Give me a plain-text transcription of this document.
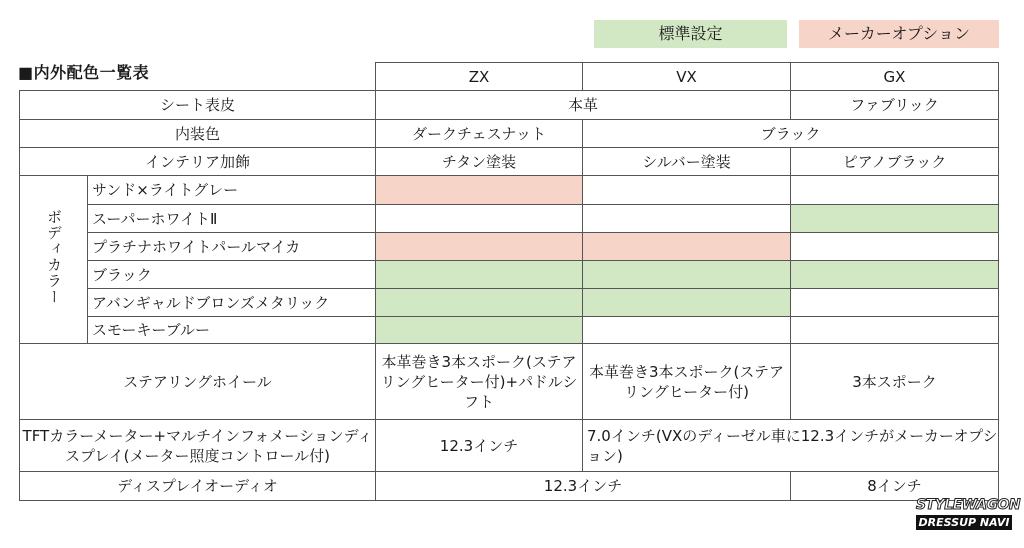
標準設定	メーカーオプション
■内外配色一覧表
		ZX	VX	GX
シート表皮		本革		ファブリック
内装色		ダークチェスナット	ブラック	
インテリア加飾		チタン塗装	シルバー塗装	ピアノブラック
ボディカラー	サンド×ライトグレー			
	スーパーホワイトⅡ			
	プラチナホワイトパールマイカ			
	ブラック			
	アバンギャルドブロンズメタリック			
	スモーキーブルー			
ステアリングホイール		本革巻き3本スポーク(ステアリングヒーター付)+パドルシフト	本革巻き3本スポーク(ステアリングヒーター付)	3本スポーク
TFTカラーメーター+マルチインフォメーションディスプレイ(メーター照度コントロール付)		12.3インチ	7.0インチ(VXのディーゼル車に12.3インチがメーカーオプション)	
ディスプレイオーディオ		12.3インチ		8インチ
STYLEWAGON
DRESSUP NAVI
